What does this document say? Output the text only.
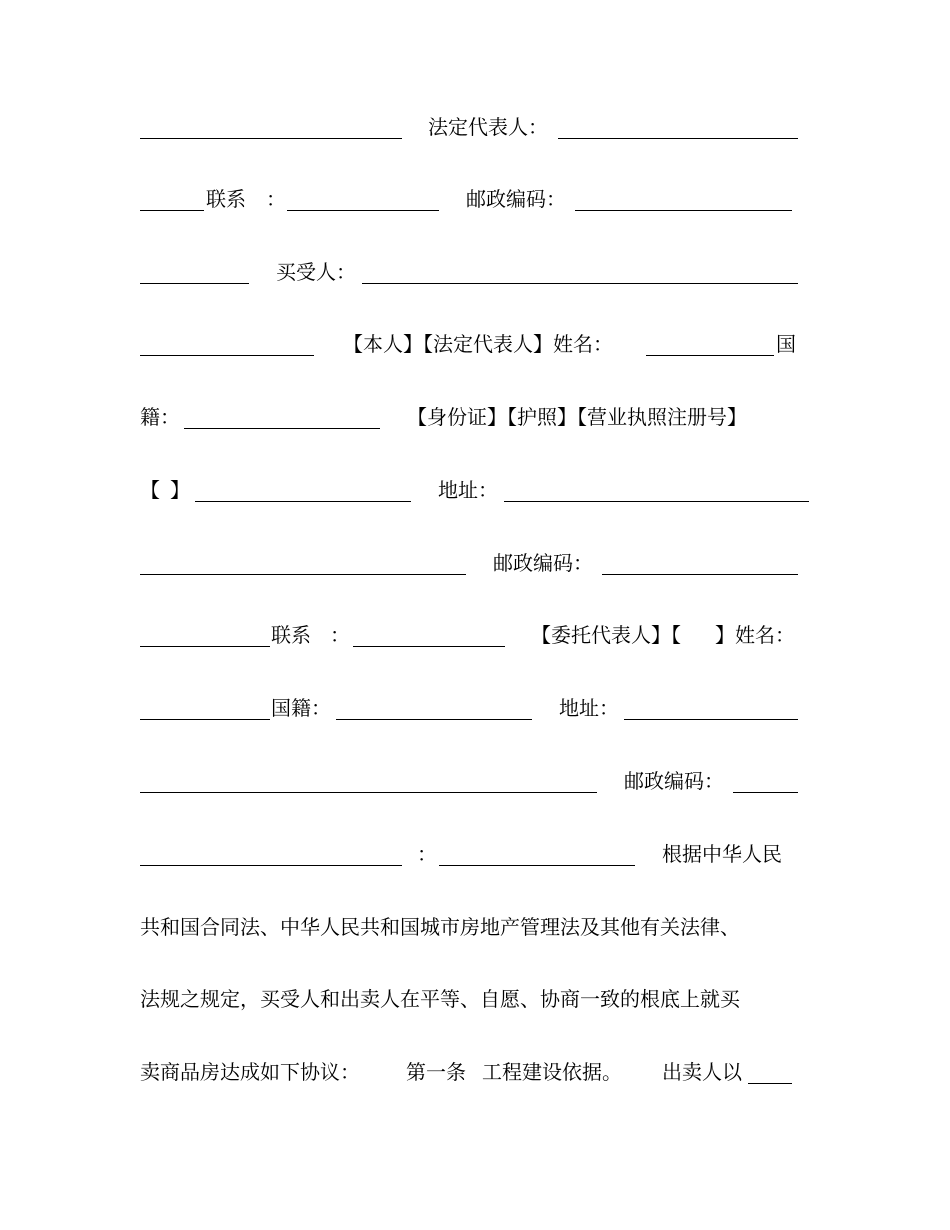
法定代表人：
联系 ：	邮政编码：
买受人：
【本人】【法定代表人】姓名：	国
籍：	【身份证】【护照】【营业执照注册号】
【 】	地址：
邮政编码：
联系 ：	【委托代表人】【 】姓名：
国籍：	地址：
邮政编码：
：	根据中华人民
共和国合同法、中华人民共和国城市房地产管理法及其他有关法律、
法规之规定，买受人和出卖人在平等、自愿、协商一致的根底上就买
卖商品房达成如下协议： 第一条 工程建设依据。 出卖人以
